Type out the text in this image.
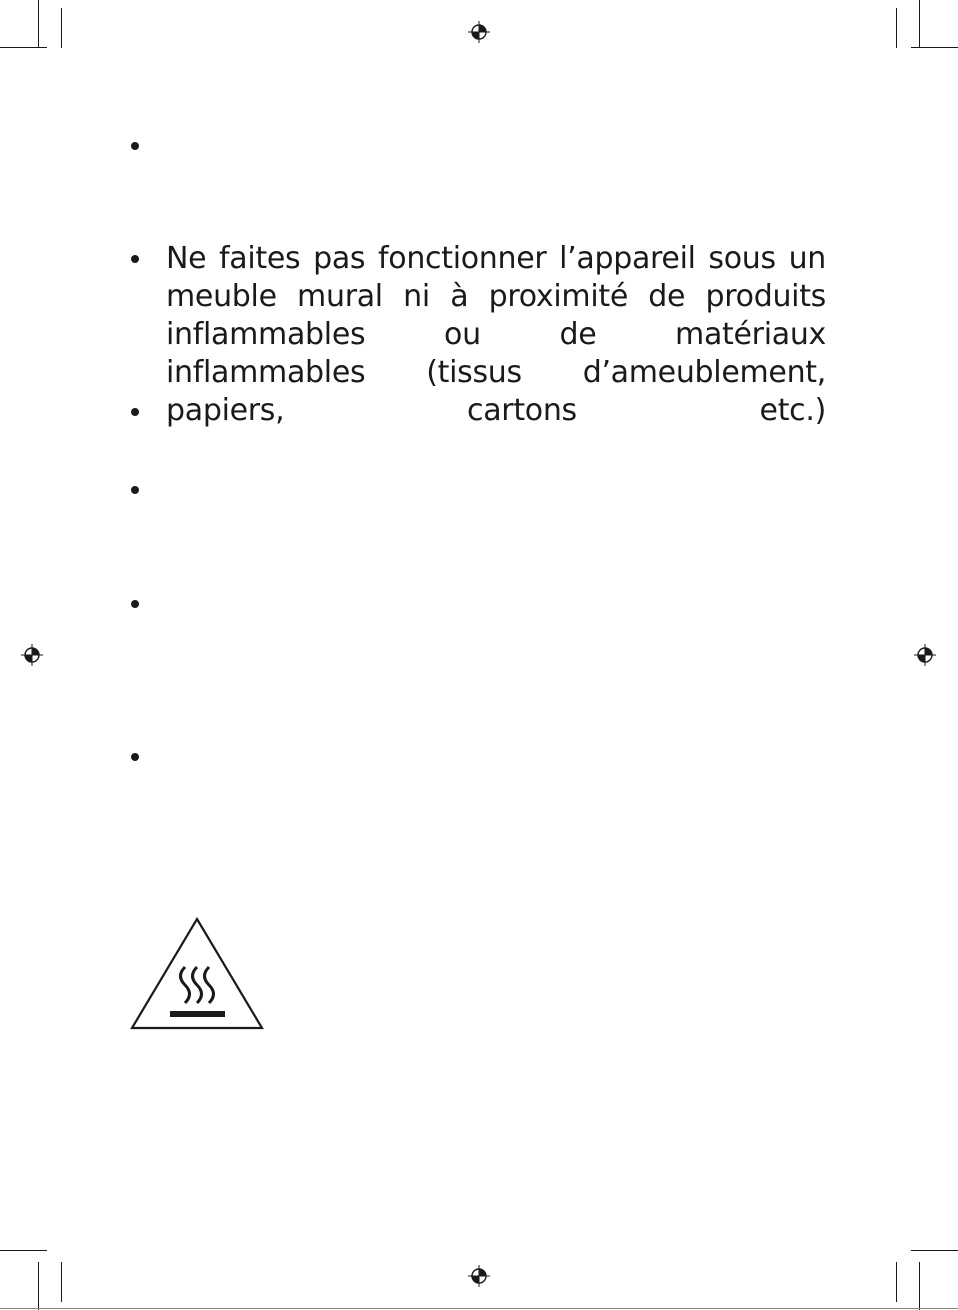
Ne faites pas fonctionner l’appareil sous un meuble mural ni à proximité de produits inflammables ou de matériaux inflammables (tissus d’ameublement, papiers, cartons etc.)
